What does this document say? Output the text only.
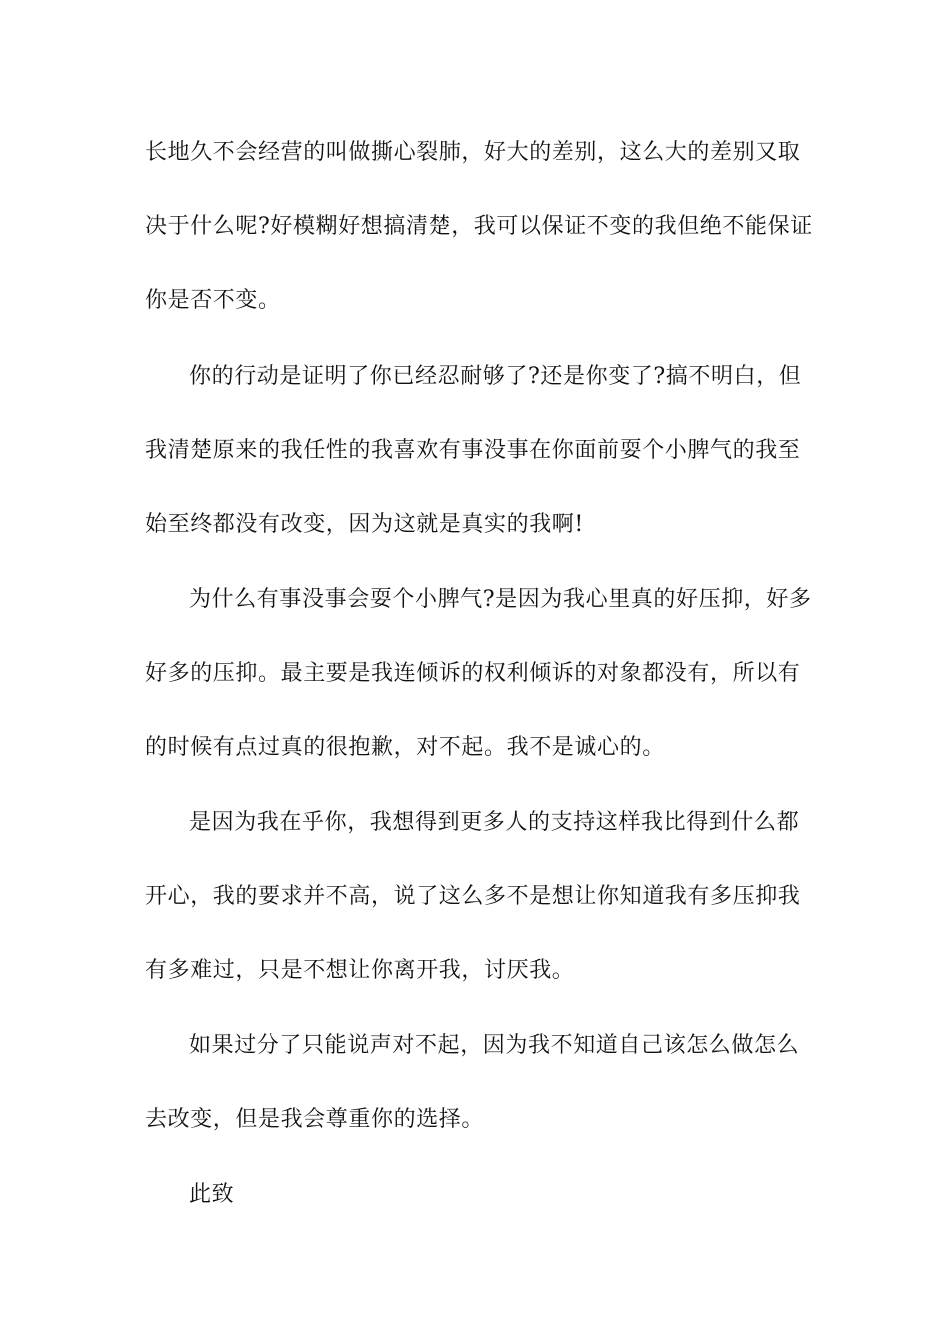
长地久不会经营的叫做撕心裂肺，好大的差别，这么大的差别又取
决于什么呢?好模糊好想搞清楚，我可以保证不变的我但绝不能保证
你是否不变。
你的行动是证明了你已经忍耐够了?还是你变了?搞不明白，但
我清楚原来的我任性的我喜欢有事没事在你面前耍个小脾气的我至
始至终都没有改变，因为这就是真实的我啊!
为什么有事没事会耍个小脾气?是因为我心里真的好压抑，好多
好多的压抑。最主要是我连倾诉的权利倾诉的对象都没有，所以有
的时候有点过真的很抱歉，对不起。我不是诚心的。
是因为我在乎你，我想得到更多人的支持这样我比得到什么都
开心，我的要求并不高，说了这么多不是想让你知道我有多压抑我
有多难过，只是不想让你离开我，讨厌我。
如果过分了只能说声对不起，因为我不知道自己该怎么做怎么
去改变，但是我会尊重你的选择。
此致
